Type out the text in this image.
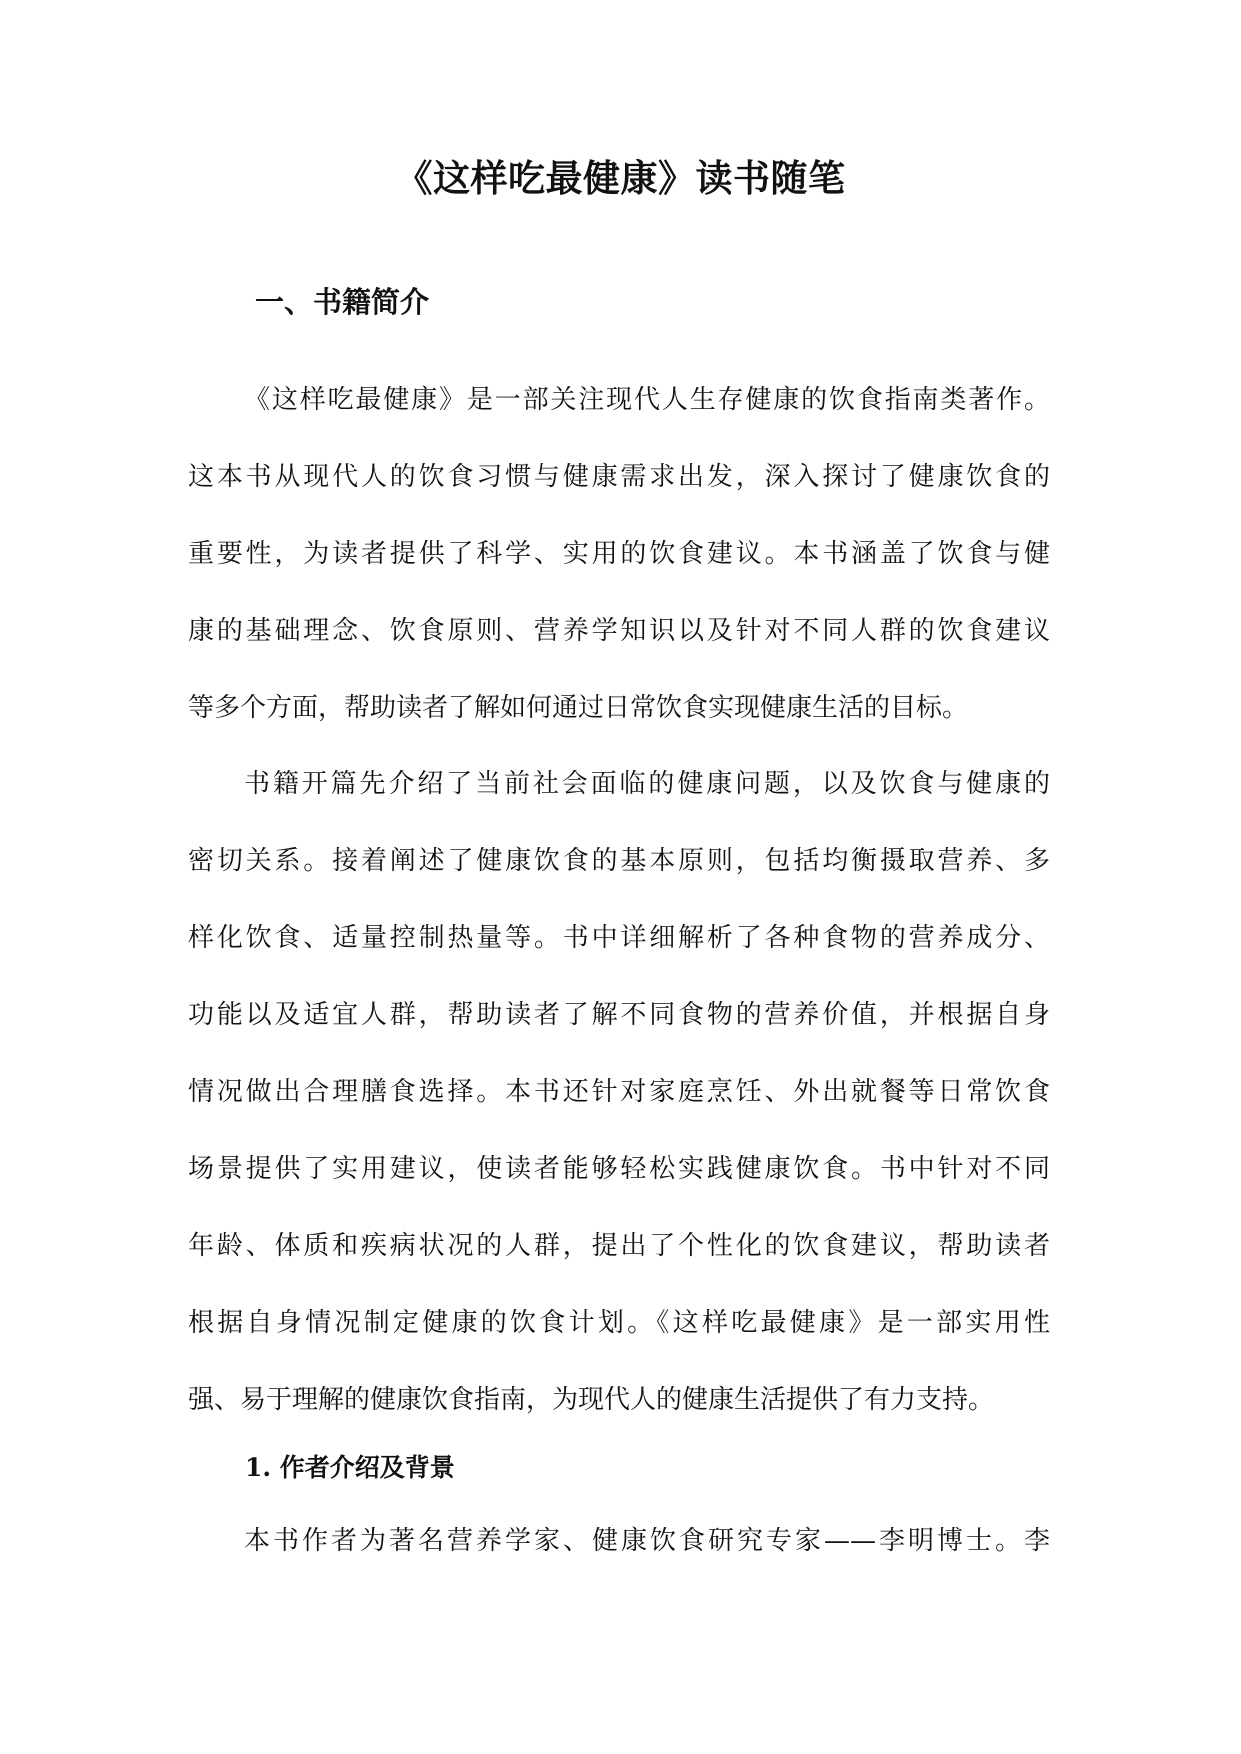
《这样吃最健康》读书随笔
一、书籍简介
《这样吃最健康》是一部关注现代人生存健康的饮食指南类著作。
这本书从现代人的饮食习惯与健康需求出发，深入探讨了健康饮食的
重要性，为读者提供了科学、实用的饮食建议。本书涵盖了饮食与健
康的基础理念、饮食原则、营养学知识以及针对不同人群的饮食建议
等多个方面，帮助读者了解如何通过日常饮食实现健康生活的目标。
书籍开篇先介绍了当前社会面临的健康问题，以及饮食与健康的
密切关系。接着阐述了健康饮食的基本原则，包括均衡摄取营养、多
样化饮食、适量控制热量等。书中详细解析了各种食物的营养成分、
功能以及适宜人群，帮助读者了解不同食物的营养价值，并根据自身
情况做出合理膳食选择。本书还针对家庭烹饪、外出就餐等日常饮食
场景提供了实用建议，使读者能够轻松实践健康饮食。书中针对不同
年龄、体质和疾病状况的人群，提出了个性化的饮食建议，帮助读者
根据自身情况制定健康的饮食计划。《这样吃最健康》是一部实用性
强、易于理解的健康饮食指南，为现代人的健康生活提供了有力支持。
1. 作者介绍及背景
本书作者为著名营养学家、健康饮食研究专家——李明博士。李
